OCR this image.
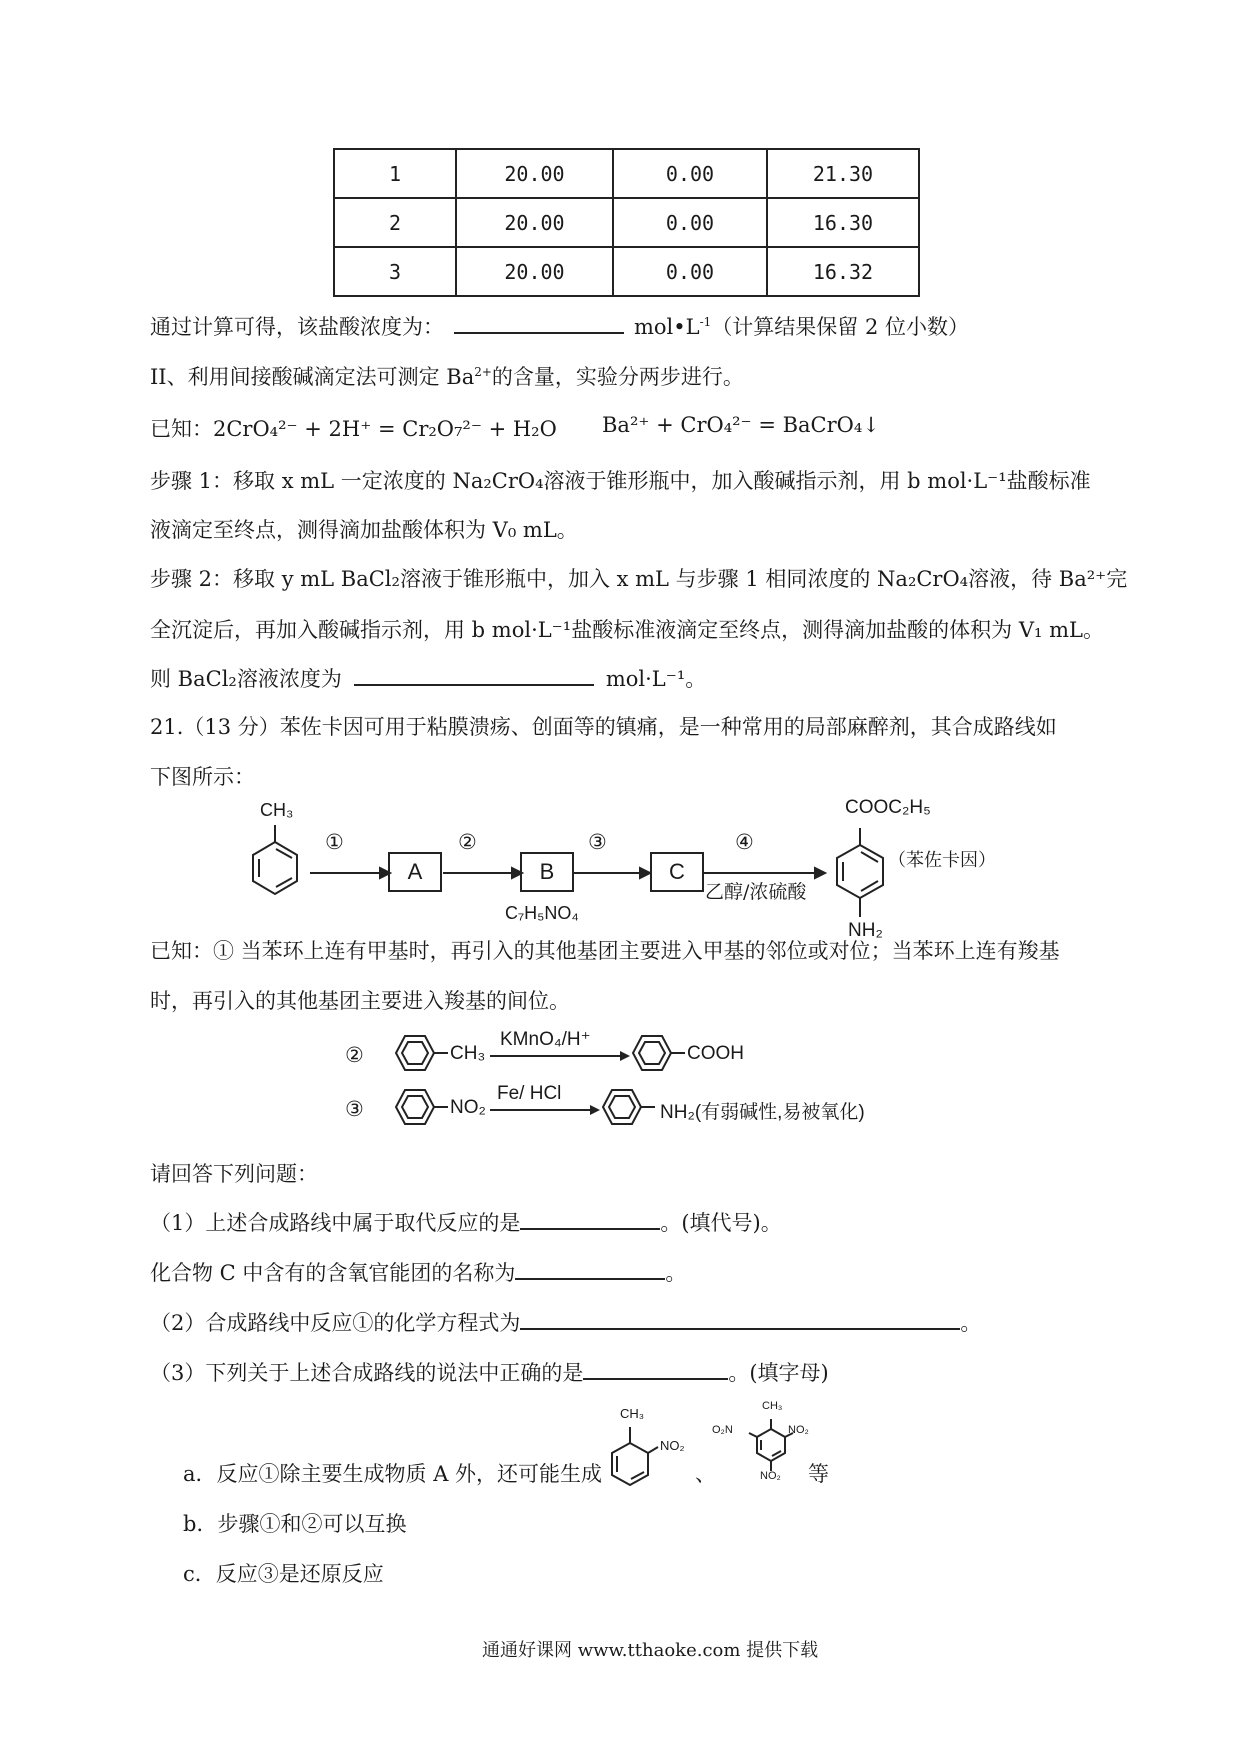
1	20.00	0.00	21.30
2	20.00	0.00	16.30
3	20.00	0.00	16.32
通过计算可得，该盐酸浓度为：	$mol•L^{-1}$（计算结果保留 2 位小数）
II、利用间接酸碱滴定法可测定 $Ba^{2+}$的含量，实验分两步进行。
已知：2CrO₄²⁻ + 2H⁺ = Cr₂O₇²⁻ + H₂O Ba²⁺ + CrO₄²⁻ = BaCrO₄↓
步骤 1：移取 x mL 一定浓度的 Na₂CrO₄溶液于锥形瓶中，加入酸碱指示剂，用 b mol·L⁻¹盐酸标准
液滴定至终点，测得滴加盐酸体积为 V₀ mL。
步骤 2：移取 y mL BaCl₂溶液于锥形瓶中，加入 x mL 与步骤 1 相同浓度的 Na₂CrO₄溶液，待 Ba²⁺完
全沉淀后，再加入酸碱指示剂，用 b mol·L⁻¹盐酸标准液滴定至终点，测得滴加盐酸的体积为 V₁ mL。
则 BaCl₂溶液浓度为	mol·L⁻¹。
21.（13 分）苯佐卡因可用于粘膜溃疡、创面等的镇痛，是一种常用的局部麻醉剂，其合成路线如
下图所示：
CH₃
①	②	③	④
A	B	C
C₇H₅NO₄
乙醇/浓硫酸
COOC₂H₅
NH₂
（苯佐卡因）
已知：① 当苯环上连有甲基时，再引入的其他基团主要进入甲基的邻位或对位；当苯环上连有羧基
时，再引入的其他基团主要进入羧基的间位。
②	CH₃
KMnO₄/H⁺
COOH
③	NO₂
Fe/ HCl
NH₂(有弱碱性,易被氧化)
请回答下列问题：
（1）上述合成路线中属于取代反应的是	。(填代号)。
化合物 C 中含有的含氧官能团的名称为	。
（2）合成路线中反应①的化学方程式为	。
（3）下列关于上述合成路线的说法中正确的是	。(填字母)
a．反应①除主要生成物质 A 外，还可能生成
CH₃
NO₂
、
CH₃
O₂N	NO₂
NO₂ 等
b．步骤①和②可以互换
c．反应③是还原反应
通通好课网 www.tthaoke.com 提供下载
